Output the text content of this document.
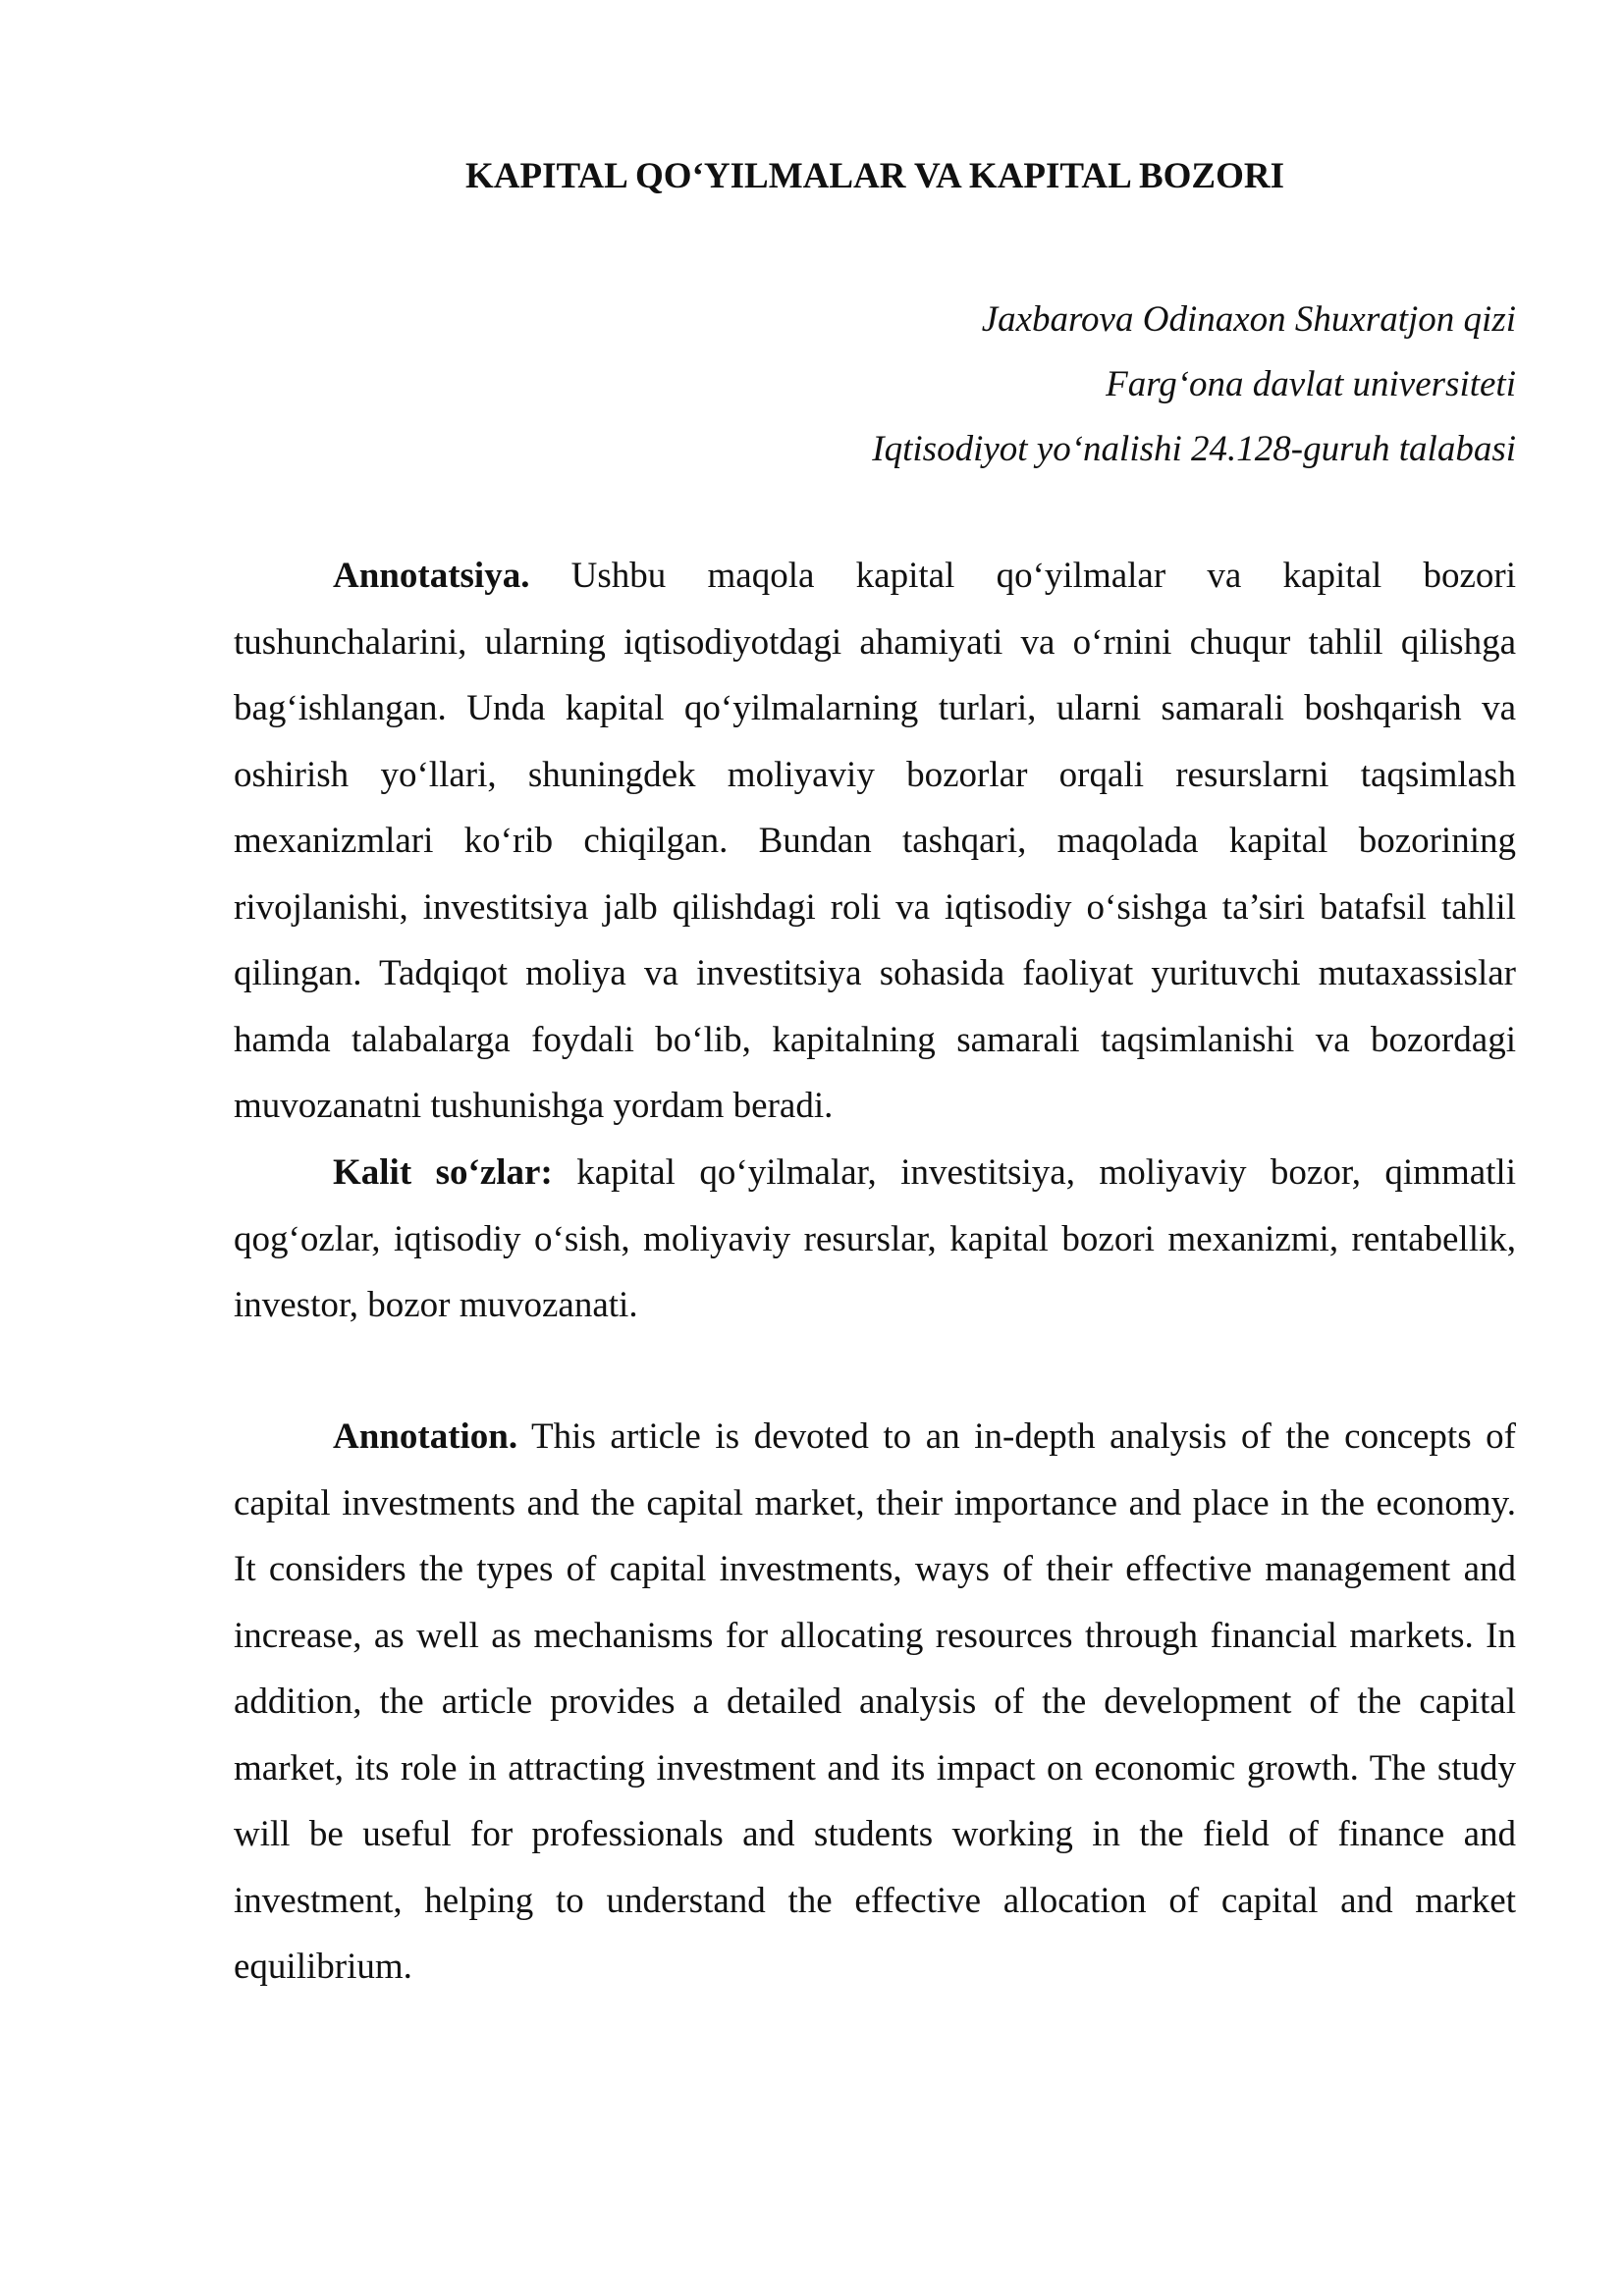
KAPITAL QO‘YILMALAR VA KAPITAL BOZORI
Jaxbarova Odinaxon Shuxratjon qizi
Farg‘ona davlat universiteti
Iqtisodiyot yo‘nalishi 24.128-guruh talabasi

Annotatsiya. Ushbu maqola kapital qo‘yilmalar va kapital bozori tushunchalarini, ularning iqtisodiyotdagi ahamiyati va o‘rnini chuqur tahlil qilishga bag‘ishlangan. Unda kapital qo‘yilmalarning turlari, ularni samarali boshqarish va oshirish yo‘llari, shuningdek moliyaviy bozorlar orqali resurslarni taqsimlash mexanizmlari ko‘rib chiqilgan. Bundan tashqari, maqolada kapital bozorining rivojlanishi, investitsiya jalb qilishdagi roli va iqtisodiy o‘sishga ta’siri batafsil tahlil qilingan. Tadqiqot moliya va investitsiya sohasida faoliyat yurituvchi mutaxassislar hamda talabalarga foydali bo‘lib, kapitalning samarali taqsimlanishi va bozordagi muvozanatni tushunishga yordam beradi.

Kalit so‘zlar: kapital qo‘yilmalar, investitsiya, moliyaviy bozor, qimmatli qog‘ozlar, iqtisodiy o‘sish, moliyaviy resurslar, kapital bozori mexanizmi, rentabellik, investor, bozor muvozanati.

Annotation. This article is devoted to an in-depth analysis of the concepts of capital investments and the capital market, their importance and place in the economy. It considers the types of capital investments, ways of their effective management and increase, as well as mechanisms for allocating resources through financial markets. In addition, the article provides a detailed analysis of the development of the capital market, its role in attracting investment and its impact on economic growth. The study will be useful for professionals and students working in the field of finance and investment, helping to understand the effective allocation of capital and market equilibrium.
